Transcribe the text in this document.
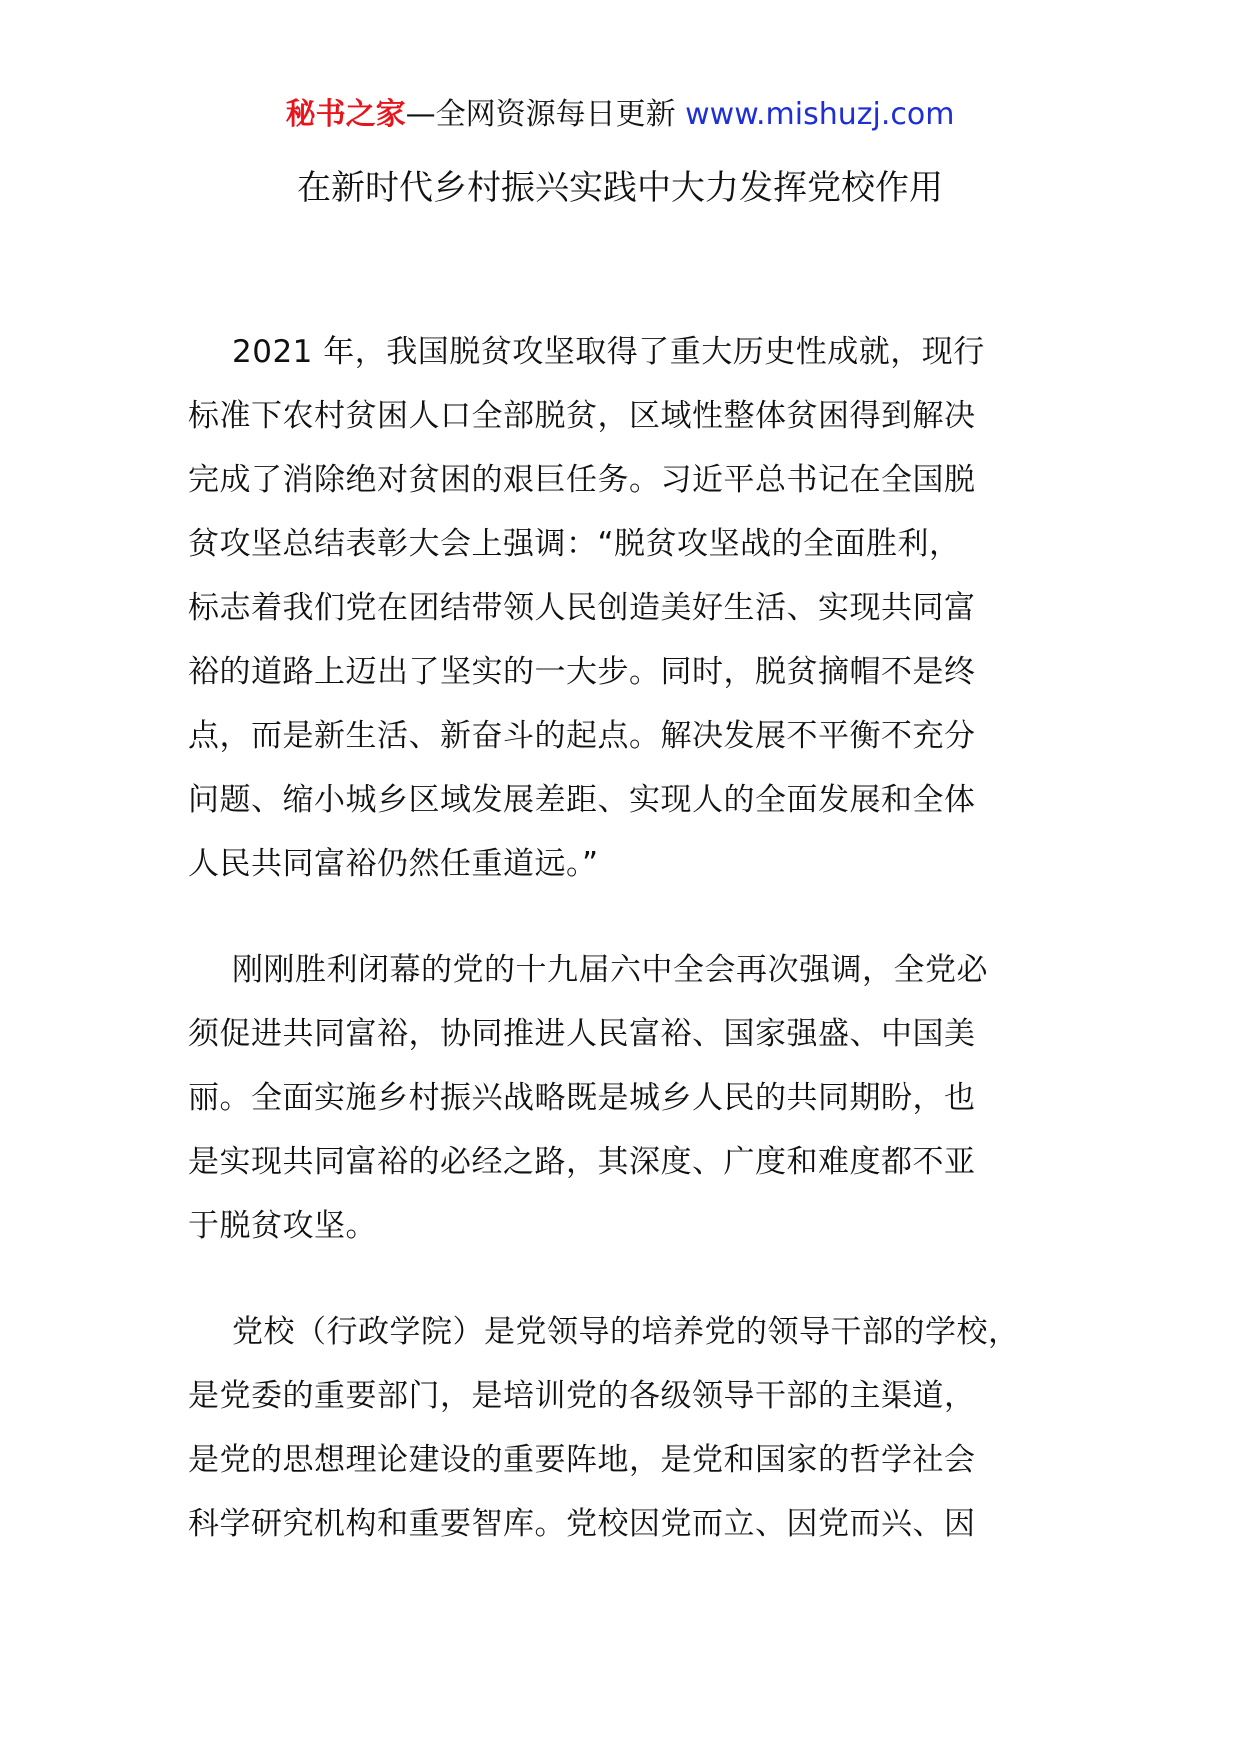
秘书之家—全网资源每日更新 www.mishuzj.com
在新时代乡村振兴实践中大力发挥党校作用
2021 年，我国脱贫攻坚取得了重大历史性成就，现行
标准下农村贫困人口全部脱贫，区域性整体贫困得到解决
完成了消除绝对贫困的艰巨任务。习近平总书记在全国脱
贫攻坚总结表彰大会上强调：“脱贫攻坚战的全面胜利，
标志着我们党在团结带领人民创造美好生活、实现共同富
裕的道路上迈出了坚实的一大步。同时，脱贫摘帽不是终
点，而是新生活、新奋斗的起点。解决发展不平衡不充分
问题、缩小城乡区域发展差距、实现人的全面发展和全体
人民共同富裕仍然任重道远。”
刚刚胜利闭幕的党的十九届六中全会再次强调，全党必
须促进共同富裕，协同推进人民富裕、国家强盛、中国美
丽。全面实施乡村振兴战略既是城乡人民的共同期盼，也
是实现共同富裕的必经之路，其深度、广度和难度都不亚
于脱贫攻坚。
党校（行政学院）是党领导的培养党的领导干部的学校，
是党委的重要部门，是培训党的各级领导干部的主渠道，
是党的思想理论建设的重要阵地，是党和国家的哲学社会
科学研究机构和重要智库。党校因党而立、因党而兴、因
